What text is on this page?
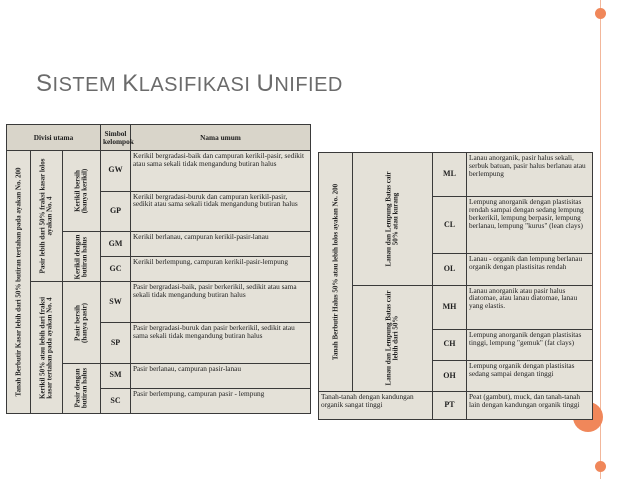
SISTEM KLASIFIKASI UNIFIED
Divisi utama			Simbol kelompok	Nama umum

Tanah Berbutir Kasar lebih dari 50% butiran tertahan pada ayakan No. 200	Pasir lebih dari 50% fraksi kasar lolos ayakan No. 4	Kerikil bersih (hanya kerikil)	GW	Kerikil bergradasi-baik dan campuran kerikil-pasir, sedikit atau sama sekali tidak mengandung butiran halus
			GP	Kerikil bergradasi-buruk dan campuran kerikil-pasir, sedikit atau sama sekali tidak mengandung butiran halus

		Kerikil dengan butiran halus	GM	Kerikil berlanau, campuran kerikil-pasir-lanau
			GC	Kerikil berlempung, campuran kerikil-pasir-lempung

	Kerikil 50% atau lebih dari fraksi kasar tertahan pada ayakan No. 4	Pasir bersih (hanya pasir)	SW	Pasir bergradasi-baik, pasir berkerikil, sedikit atau sama sekali tidak mengandung butiran halus
			SP	Pasir bergradasi-buruk dan pasir berkerikil, sedikit atau sama sekali tidak mengandung butiran halus

		Pasir dengan butiran halus	SM	Pasir berlanau, campuran pasir-lanau
			SC	Pasir berlempung, campuran pasir - lempung
Tanah Berbutir Halus 50% atau lebih lolos ayakan No. 200	Lanau dan Lempung Batas cair 50% atau kurang	ML	Lanau anorganik, pasir halus sekali, serbuk batuan, pasir halus berlanau atau berlempung
		CL	Lempung anorganik dengan plastisitas rendah sampai dengan sedang lempung berkerikil, lempung berpasir, lempung berlanau, lempung "kurus" (lean clays)
		OL	Lanau - organik dan lempung berlanau organik dengan plastisitas rendah

	Lanau dan Lempung Batas cair lebih dari 50%	MH	Lanau anorganik atau pasir halus diatomae, atau lanau diatomae, lanau yang elastis.
		CH	Lempung anorganik dengan plastisitas tinggi, lempung "gemuk" (fat clays)
		OH	Lempung organik dengan plastisitas sedang sampai dengan tinggi
Tanah-tanah dengan kandungan organik sangat tinggi		PT	Peat (gambut), muck, dan tanah-tanah lain dengan kandungan organik tinggi
